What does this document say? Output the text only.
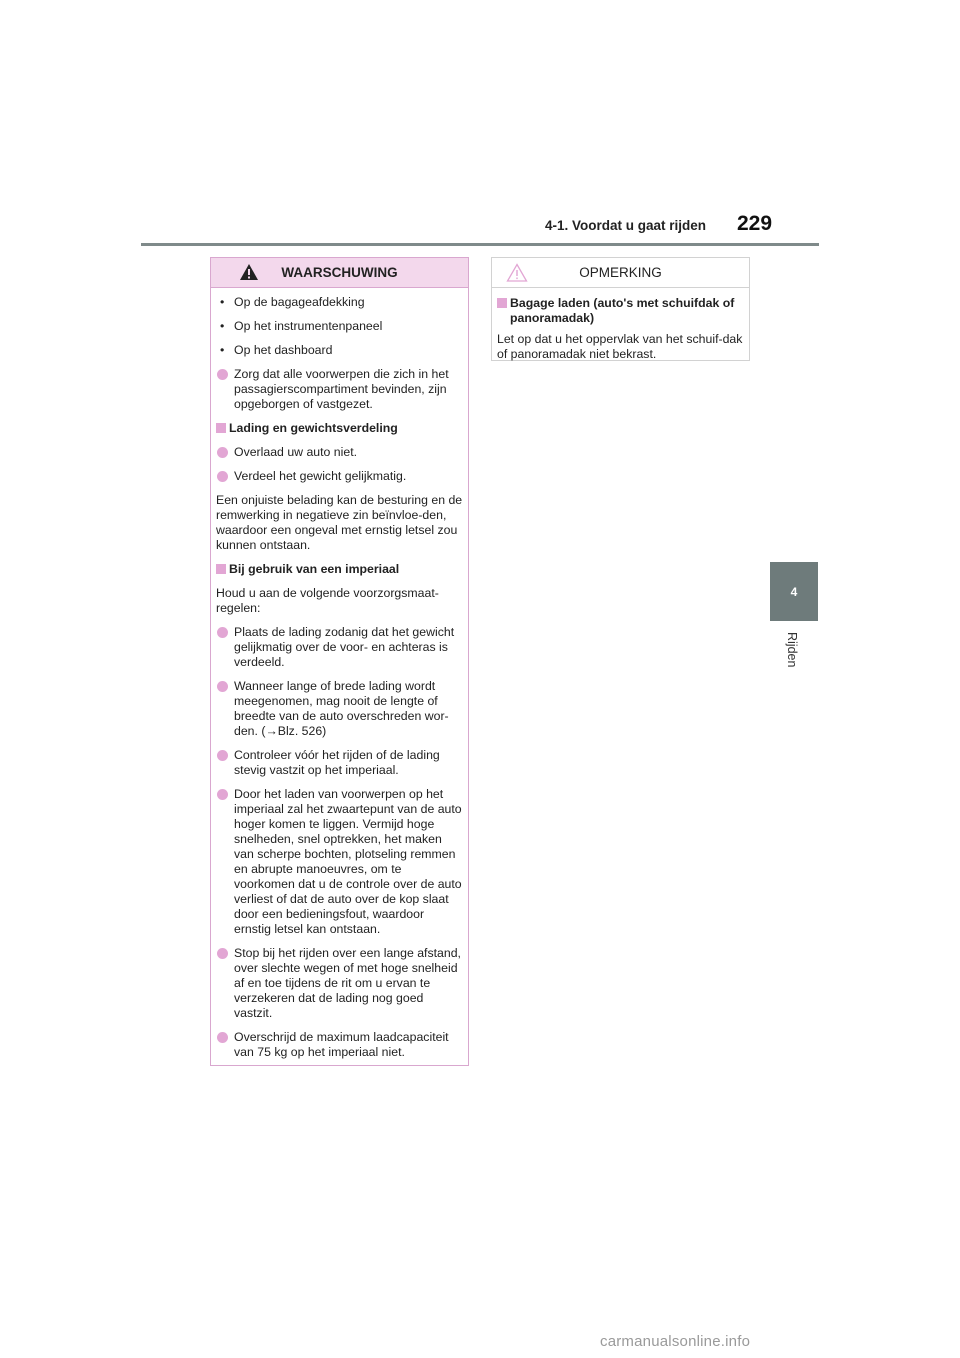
4-1. Voordat u gaat rijden 229
4
Rijden
WAARSCHUWING
• Op de bagageafdekking
• Op het instrumentenpaneel
• Op het dashboard
Zorg dat alle voorwerpen die zich in het passagierscompartiment bevinden, zijn opgeborgen of vastgezet.
Lading en gewichtsverdeling
Overlaad uw auto niet.
Verdeel het gewicht gelijkmatig.
Een onjuiste belading kan de besturing en de remwerking in negatieve zin beïnvloe-den, waardoor een ongeval met ernstig letsel zou kunnen ontstaan.
Bij gebruik van een imperiaal
Houd u aan de volgende voorzorgsmaat-regelen:
Plaats de lading zodanig dat het gewicht gelijkmatig over de voor- en achteras is verdeeld.
Wanneer lange of brede lading wordt meegenomen, mag nooit de lengte of breedte van de auto overschreden wor-den. (→Blz. 526)
Controleer vóór het rijden of de lading stevig vastzit op het imperiaal.
Door het laden van voorwerpen op het imperiaal zal het zwaartepunt van de auto hoger komen te liggen. Vermijd hoge snelheden, snel optrekken, het maken van scherpe bochten, plotseling remmen en abrupte manoeuvres, om te voorkomen dat u de controle over de auto verliest of dat de auto over de kop slaat door een bedieningsfout, waardoor ernstig letsel kan ontstaan.
Stop bij het rijden over een lange afstand, over slechte wegen of met hoge snelheid af en toe tijdens de rit om u ervan te verzekeren dat de lading nog goed vastzit.
Overschrijd de maximum laadcapaciteit van 75 kg op het imperiaal niet.
OPMERKING
Bagage laden (auto's met schuifdak of panoramadak)
Let op dat u het oppervlak van het schuif-dak of panoramadak niet bekrast.
carmanualsonline.info
